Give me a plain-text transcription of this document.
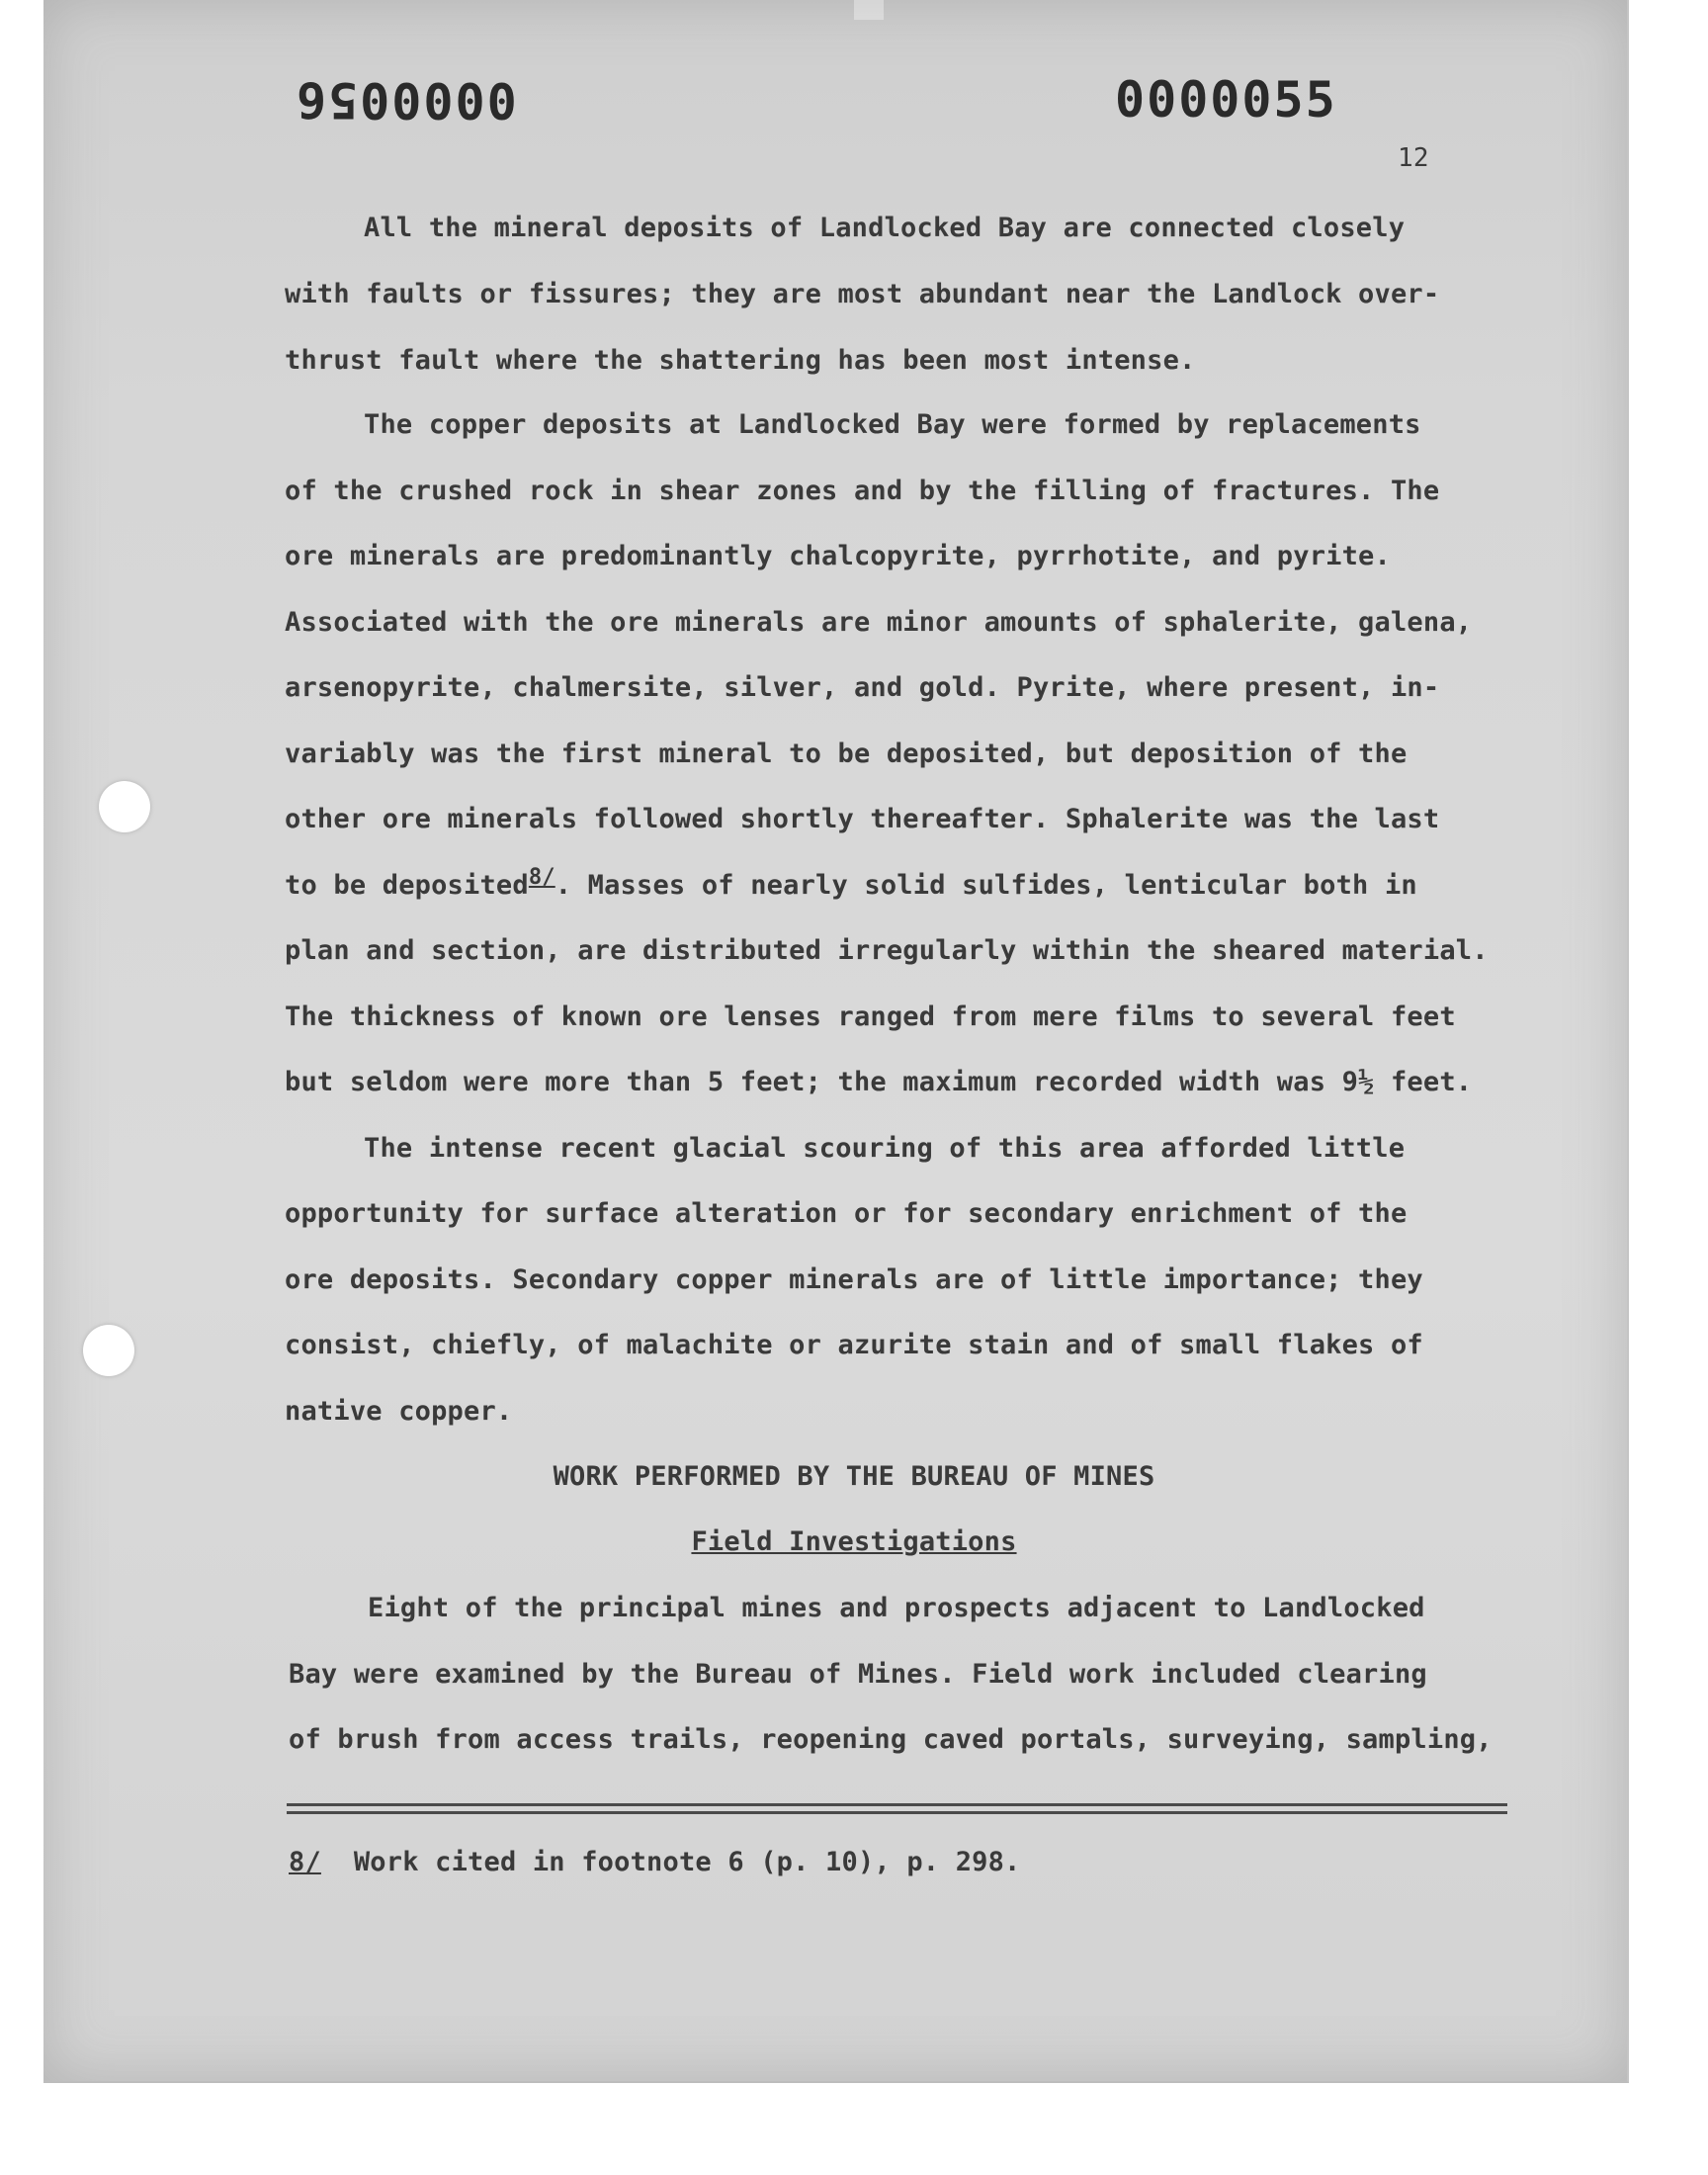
0000056	0000055
12
All the mineral deposits of Landlocked Bay are connected closely
with faults or fissures; they are most abundant near the Landlock over-
thrust fault where the shattering has been most intense.
The copper deposits at Landlocked Bay were formed by replacements
of the crushed rock in shear zones and by the filling of fractures. The
ore minerals are predominantly chalcopyrite, pyrrhotite, and pyrite.
Associated with the ore minerals are minor amounts of sphalerite, galena,
arsenopyrite, chalmersite, silver, and gold. Pyrite, where present, in-
variably was the first mineral to be deposited, but deposition of the
other ore minerals followed shortly thereafter. Sphalerite was the last
to be deposited$^{8/}$. Masses of nearly solid sulfides, lenticular both in
plan and section, are distributed irregularly within the sheared material.
The thickness of known ore lenses ranged from mere films to several feet
but seldom were more than 5 feet; the maximum recorded width was 9½ feet.
The intense recent glacial scouring of this area afforded little
opportunity for surface alteration or for secondary enrichment of the
ore deposits. Secondary copper minerals are of little importance; they
consist, chiefly, of malachite or azurite stain and of small flakes of
native copper.
WORK PERFORMED BY THE BUREAU OF MINES
Field Investigations
Eight of the principal mines and prospects adjacent to Landlocked
Bay were examined by the Bureau of Mines. Field work included clearing
of brush from access trails, reopening caved portals, surveying, sampling,
8/ Work cited in footnote 6 (p. 10), p. 298.
